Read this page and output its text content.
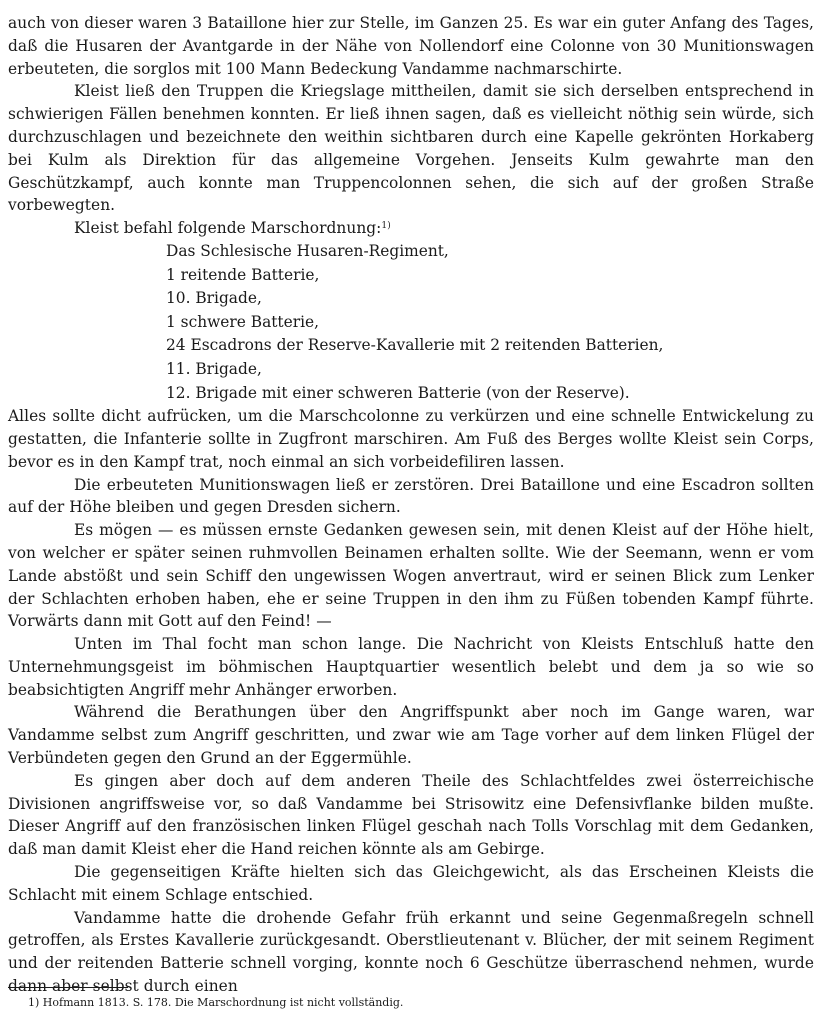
auch von dieser waren 3 Bataillone hier zur Stelle, im Ganzen 25. Es war ein guter Anfang des Tages, daß die Husaren der Avantgarde in der Nähe von Nollendorf eine Colonne von 30 Munitionswagen erbeuteten, die sorglos mit 100 Mann Bedeckung Vandamme nachmarschirte.

Kleist ließ den Truppen die Kriegslage mittheilen, damit sie sich derselben entsprechend in schwierigen Fällen benehmen konnten. Er ließ ihnen sagen, daß es vielleicht nöthig sein würde, sich durchzuschlagen und bezeichnete den weithin sichtbaren durch eine Kapelle gekrönten Horkaberg bei Kulm als Direktion für das allgemeine Vorgehen. Jenseits Kulm gewahrte man den Geschützkampf, auch konnte man Truppencolonnen sehen, die sich auf der großen Straße vorbewegten.

Kleist befahl folgende Marschordnung:$^{1)}$

Das Schlesische Husaren-Regiment,
1 reitende Batterie,
10. Brigade,
1 schwere Batterie,
24 Escadrons der Reserve-Kavallerie mit 2 reitenden Batterien,
11. Brigade,
12. Brigade mit einer schweren Batterie (von der Reserve).

Alles sollte dicht aufrücken, um die Marschcolonne zu verkürzen und eine schnelle Entwickelung zu gestatten, die Infanterie sollte in Zugfront marschiren. Am Fuß des Berges wollte Kleist sein Corps, bevor es in den Kampf trat, noch einmal an sich vorbeidefiliren lassen.

Die erbeuteten Munitionswagen ließ er zerstören. Drei Bataillone und eine Escadron sollten auf der Höhe bleiben und gegen Dresden sichern.

Es mögen — es müssen ernste Gedanken gewesen sein, mit denen Kleist auf der Höhe hielt, von welcher er später seinen ruhmvollen Beinamen erhalten sollte. Wie der Seemann, wenn er vom Lande abstößt und sein Schiff den ungewissen Wogen anvertraut, wird er seinen Blick zum Lenker der Schlachten erhoben haben, ehe er seine Truppen in den ihm zu Füßen tobenden Kampf führte. Vorwärts dann mit Gott auf den Feind! —

Unten im Thal focht man schon lange. Die Nachricht von Kleists Entschluß hatte den Unternehmungsgeist im böhmischen Hauptquartier wesentlich belebt und dem ja so wie so beabsichtigten Angriff mehr Anhänger erworben.

Während die Berathungen über den Angriffspunkt aber noch im Gange waren, war Vandamme selbst zum Angriff geschritten, und zwar wie am Tage vorher auf dem linken Flügel der Verbündeten gegen den Grund an der Eggermühle.

Es gingen aber doch auf dem anderen Theile des Schlachtfeldes zwei österreichische Divisionen angriffsweise vor, so daß Vandamme bei Strisowitz eine Defensivflanke bilden mußte. Dieser Angriff auf den französischen linken Flügel geschah nach Tolls Vorschlag mit dem Gedanken, daß man damit Kleist eher die Hand reichen könnte als am Gebirge.

Die gegenseitigen Kräfte hielten sich das Gleichgewicht, als das Erscheinen Kleists die Schlacht mit einem Schlage entschied.

Vandamme hatte die drohende Gefahr früh erkannt und seine Gegenmaßregeln schnell getroffen, als Erstes Kavallerie zurückgesandt. Oberstlieutenant v. Blücher, der mit seinem Regiment und der reitenden Batterie schnell vorging, konnte noch 6 Geschütze überraschend nehmen, wurde dann aber selbst durch einen

1) Hofmann 1813. S. 178. Die Marschordnung ist nicht vollständig.
